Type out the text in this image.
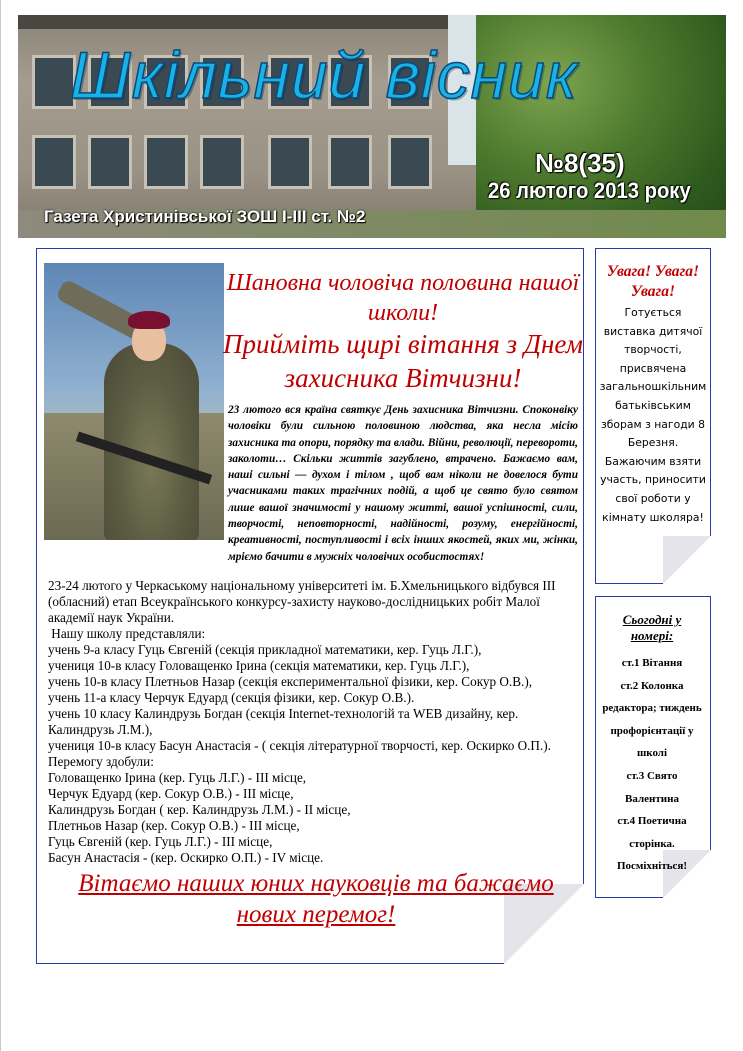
Шкільний вісник
№8(35)
26 лютого 2013 року
Газета Христинівської ЗОШ І-ІІІ ст. №2
Шановна чоловіча половина нашої школи!
Прийміть щирі вітання з Днем захисника Вітчизни!
23 лютого вся країна святкує День захисника Вітчизни. Споконвіку чоловіки були сильною половиною людства, яка несла місію захисника та опори, порядку та влади. Війни, революції, перевороти, заколоти… Скільки життів загублено, втрачено. Бажаємо вам, наші сильні — духом і тілом , щоб вам ніколи не довелося бути учасниками таких трагічних подій, а щоб це свято було святом лише вашої значимості у нашому житті, вашої успішності, сили, творчості, неповторності, надійності, розуму, енергійності, креативності, поступливості і всіх інших якостей, яких ми, жінки, мріємо бачити в мужніх чоловічих особистостях!

23-24 лютого у Черкаському національному університеті ім. Б.Хмельницького відбувся ІІІ (обласний) етап Всеукраїнського конкурсу-захисту науково-дослідницьких робіт Малої академії наук України.

Нашу школу представляли:

учень 9-а класу Гуць Євгеній (секція прикладної математики, кер. Гуць Л.Г.),

учениця 10-в класу Головащенко Ірина (секція математики, кер. Гуць Л.Г.),

учень 10-в класу Плетньов Назар (секція експериментальної фізики, кер. Сокур О.В.),

учень 11-а класу Черчук Едуард (секція фізики, кер. Сокур О.В.).

учень 10 класу Калиндрузь Богдан (секція Internet-технологій та WEB дизайну, кер. Калиндрузь Л.М.),

учениця 10-в класу Басун Анастасія - ( секція літературної творчості, кер. Оскирко О.П.).

Перемогу здобули:

Головащенко Ірина (кер. Гуць Л.Г.) - ІІІ місце,

Черчук Едуард (кер. Сокур О.В.) - ІІІ місце,

Калиндрузь Богдан ( кер. Калиндрузь Л.М.) - ІІ місце,

Плетньов Назар (кер. Сокур О.В.) - ІІІ місце,

Гуць Євгеній (кер. Гуць Л.Г.) - ІІІ місце,

Басун Анастасія - (кер. Оскирко О.П.) - ІV місце.

Вітаємо наших юних науковців та бажаємо нових перемог!
Увага! Увага! Увага!
Готується виставка дитячої творчості, присвячена загальношкільним батьківським зборам з нагоди 8 Березня. Бажаючим взяти участь, приносити свої роботи у кімнату школяра!
Сьогодні у номері:
ст.1 Вітання
ст.2 Колонка редактора; тиждень профорієнтації у школі
ст.3 Свято Валентина
ст.4 Поетична сторінка. Посміхніться!
